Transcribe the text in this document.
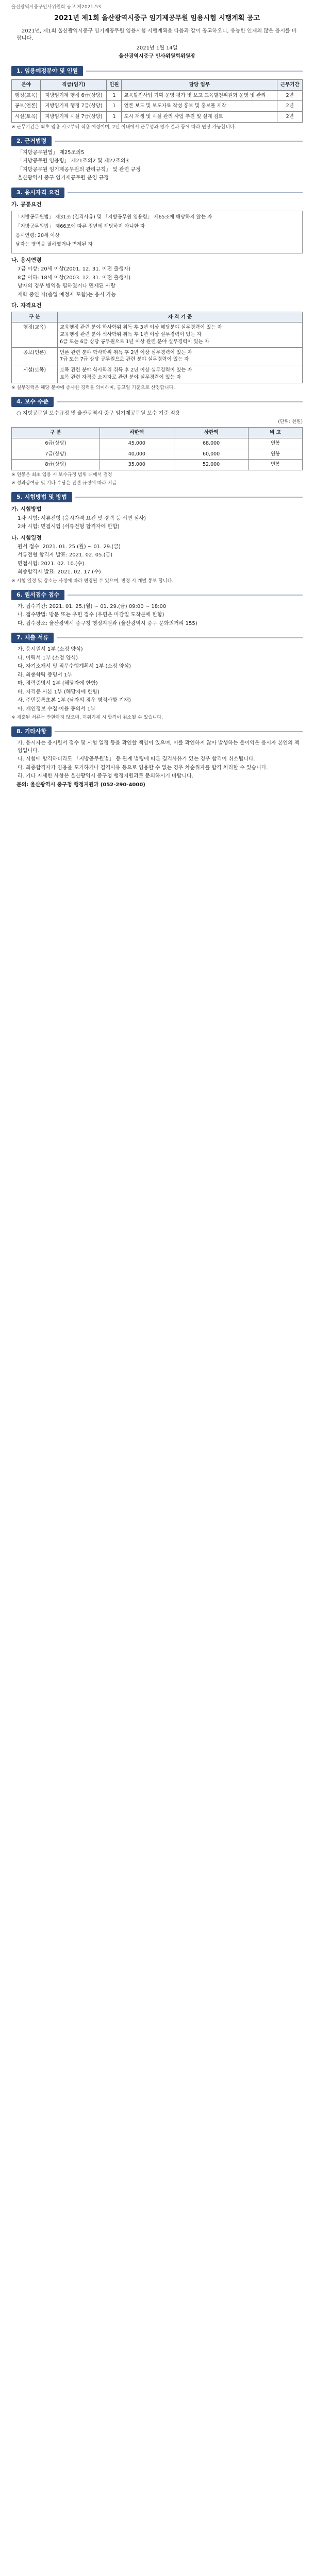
울산광역시중구인사위원회 공고 제2021-53
2021년 제1회 울산광역시중구 임기제공무원 임용시험 시행계획 공고

2021년, 제1회 울산광역시중구 임기제공무원 임용시험 시행계획을 다음과 같이 공고하오니, 유능한 인재의 많은 응시를 바랍니다.

2021년 1월 14일
울산광역시중구 인사위원회위원장
1. 임용예정분야 및 인원
분야	직급(임기)	인원	담당 업무	근무기간
행정(교육)	지방임기제 행정 6급(상당)	1	교육발전사업 기획 운영·평가 및 보고 교육발전위원회 운영 및 관리	2년
공보(언론)	지방임기제 행정 7급(상당)	1	언론 보도 및 보도자료 작성 홍보 및 홍보물 제작	2년
시설(토목)	지방임기제 시설 7급(상당)	1	도시 재생 및 시설 관리 사업 추진 및 설계 검토	2년
※ 근무기간은 최초 임용 시로부터 적용 예정이며, 2년 이내에서 근무성과 평가 결과 등에 따라 연장 가능합니다.
2. 근거법령

「지방공무원법」 제25조의5

「지방공무원 임용령」 제21조의2 및 제22조의3

「지방공무원 임기제공무원의 관리규칙」 및 관련 규정

울산광역시 중구 임기제공무원 운영 규정

3. 응시자격 요건
가. 공통요건
「지방공무원법」 제31조 (결격사유) 및 「지방공무원 임용령」 제65조에 해당하지 않는 자
「지방공무원법」 제66조에 따른 정년에 해당하지 아니한 자
응시연령: 20세 이상
남자는 병역을 필하였거나 면제된 자
나. 응시연령

7급 이상: 20세 이상(2001. 12. 31. 이전 출생자)

8급 이하: 18세 이상(2003. 12. 31. 이전 출생자)

남자의 경우 병역을 필하였거나 면제된 사람

재학 중인 자(졸업 예정자 포함)는 응시 가능

다. 자격요건
구 분	자 격 기 준
행정(교육)	교육행정 관련 분야 학사학위 취득 후 3년 이상 해당분야 실무경력이 있는 자
교육행정 관련 분야 석사학위 취득 후 1년 이상 실무경력이 있는 자
6급 또는 6급 상당 공무원으로 1년 이상 관련 분야 실무경력이 있는 자
공보(언론)	언론 관련 분야 학사학위 취득 후 2년 이상 실무경력이 있는 자
7급 또는 7급 상당 공무원으로 관련 분야 실무경력이 있는 자
시설(토목)	토목 관련 분야 학사학위 취득 후 2년 이상 실무경력이 있는 자
토목 관련 자격증 소지자로 관련 분야 실무경력이 있는 자
※ 실무경력은 해당 분야에 종사한 경력을 의미하며, 공고일 기준으로 산정합니다.
4. 보수 수준
○ 지방공무원 보수규정 및 울산광역시 중구 임기제공무원 보수 기준 적용
(단위: 천원)
구 분	하한액	상한액	비 고
6급(상당)	45,000	68,000	연봉
7급(상당)	40,000	60,000	연봉
8급(상당)	35,000	52,000	연봉
※ 연봉은 최초 임용 시 보수규정 범위 내에서 결정
※ 성과상여금 및 기타 수당은 관련 규정에 따라 지급
5. 시험방법 및 방법
가. 시험방법

1차 시험: 서류전형 (응시자격 요건 및 경력 등 서면 심사)

2차 시험: 면접시험 (서류전형 합격자에 한함)

나. 시험일정

원서 접수: 2021. 01. 25.(월) ~ 01. 29.(금)

서류전형 합격자 발표: 2021. 02. 05.(금)

면접시험: 2021. 02. 10.(수)

최종합격자 발표: 2021. 02. 17.(수)

※ 시험 일정 및 장소는 사정에 따라 변경될 수 있으며, 변경 시 개별 통보 합니다.
6. 원서접수 접수

가. 접수기간: 2021. 01. 25.(월) ~ 01. 29.(금) 09:00 ~ 18:00

나. 접수방법: 방문 또는 우편 접수 (우편은 마감일 도착분에 한함)

다. 접수장소: 울산광역시 중구청 행정지원과 (울산광역시 중구 문화의거리 155)

7. 제출 서류

가. 응시원서 1부 (소정 양식)

나. 이력서 1부 (소정 양식)

다. 자기소개서 및 직무수행계획서 1부 (소정 양식)

라. 최종학력 증명서 1부

마. 경력증명서 1부 (해당자에 한함)

바. 자격증 사본 1부 (해당자에 한함)

사. 주민등록초본 1부 (남자의 경우 병적사항 기재)

아. 개인정보 수집·이용 동의서 1부

※ 제출된 서류는 반환하지 않으며, 허위기재 시 합격이 취소될 수 있습니다.
8. 기타사항

가. 응시자는 응시원서 접수 및 시험 일정 등을 확인할 책임이 있으며, 이를 확인하지 않아 발생하는 불이익은 응시자 본인의 책임입니다.

나. 시험에 합격하더라도 「지방공무원법」 등 관계 법령에 따른 결격사유가 있는 경우 합격이 취소됩니다.

다. 최종합격자가 임용을 포기하거나 결격사유 등으로 임용할 수 없는 경우 차순위자를 합격 처리할 수 있습니다.

라. 기타 자세한 사항은 울산광역시 중구청 행정지원과로 문의하시기 바랍니다.

문의: 울산광역시 중구청 행정지원과 (052-290-4000)
